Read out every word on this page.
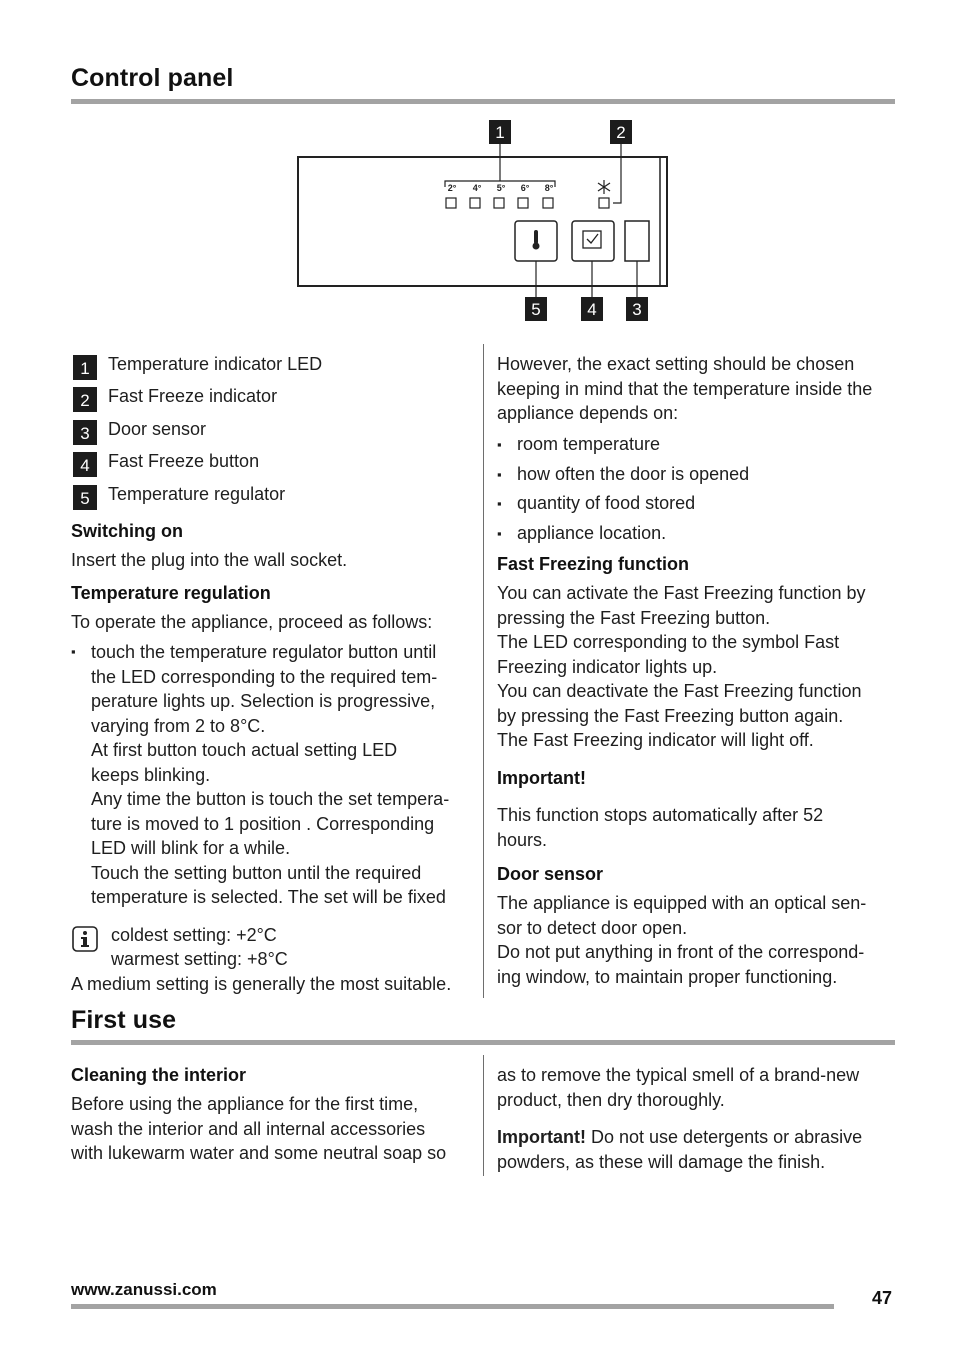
Control panel
2° 4° 5° 6° 8°
1	2
3
4
5
1	Temperature indicator LED
2	Fast Freeze indicator
3	Door sensor
4	Fast Freeze button
5	Temperature regulator
Switching on
Insert the plug into the wall socket.
Temperature regulation
To operate the appliance, proceed as follows:
▪ touch the temperature regulator button until
the LED corresponding to the required tem-
perature lights up. Selection is progressive,
varying from 2 to 8°C.
At first button touch actual setting LED
keeps blinking.
Any time the button is touch the set tempera-
ture is moved to 1 position . Corresponding
LED will blink for a while.
Touch the setting button until the required
temperature is selected. The set will be fixed
coldest setting: +2°C
warmest setting: +8°C
A medium setting is generally the most suitable.
However, the exact setting should be chosen
keeping in mind that the temperature inside the
appliance depends on:
▪ room temperature
▪ how often the door is opened
▪ quantity of food stored
▪ appliance location.
Fast Freezing function
You can activate the Fast Freezing function by
pressing the Fast Freezing button.
The LED corresponding to the symbol Fast
Freezing indicator lights up.
You can deactivate the Fast Freezing function
by pressing the Fast Freezing button again.
The Fast Freezing indicator will light off.
Important!
This function stops automatically after 52
hours.
Door sensor
The appliance is equipped with an optical sen-
sor to detect door open.
Do not put anything in front of the correspond-
ing window, to maintain proper functioning.
First use
Cleaning the interior
Before using the appliance for the first time,
wash the interior and all internal accessories
with lukewarm water and some neutral soap so
as to remove the typical smell of a brand-new
product, then dry thoroughly.
Important! Do not use detergents or abrasive
powders, as these will damage the finish.
www.zanussi.com	47
